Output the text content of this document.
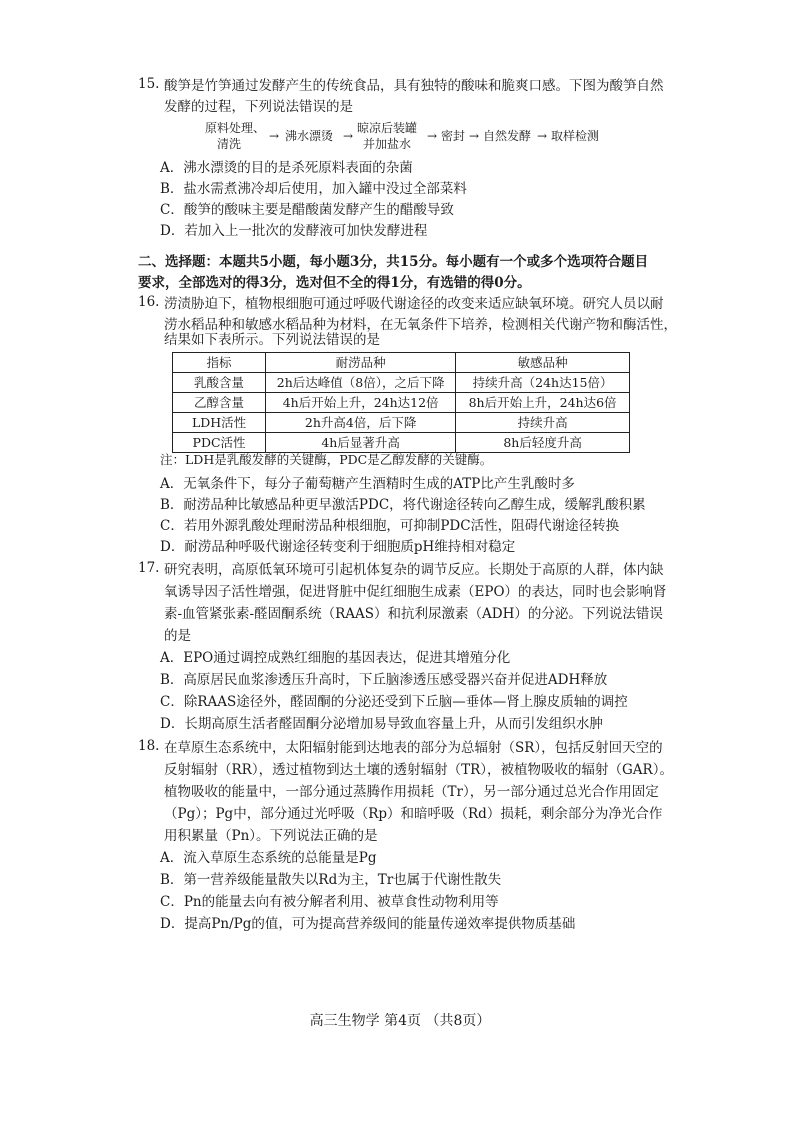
15. 酸笋是竹笋通过发酵产生的传统食品，具有独特的酸味和脆爽口感。下图为酸笋自然
发酵的过程，下列说法错误的是
原料处理、
清洗
→ 沸水漂烫 →
晾凉后装罐
并加盐水
→ 密封 → 自然发酵 → 取样检测
A．沸水漂烫的目的是杀死原料表面的杂菌
B．盐水需煮沸冷却后使用，加入罐中没过全部菜料
C．酸笋的酸味主要是醋酸菌发酵产生的醋酸导致
D．若加入上一批次的发酵液可加快发酵进程
二、选择题：本题共5小题，每小题3分，共15分。每小题有一个或多个选项符合题目
要求，全部选对的得3分，选对但不全的得1分，有选错的得0分。
16. 涝渍胁迫下，植物根细胞可通过呼吸代谢途径的改变来适应缺氧环境。研究人员以耐
涝水稻品种和敏感水稻品种为材料，在无氧条件下培养，检测相关代谢产物和酶活性，
结果如下表所示。下列说法错误的是
指标	耐涝品种	敏感品种
乳酸含量	2h后达峰值（8倍），之后下降	持续升高（24h达15倍）
乙醇含量	4h后开始上升，24h达12倍	8h后开始上升，24h达6倍
LDH活性	2h升高4倍，后下降	持续升高
PDC活性	4h后显著升高	8h后轻度升高
注：LDH是乳酸发酵的关键酶，PDC是乙醇发酵的关键酶。
A．无氧条件下，每分子葡萄糖产生酒精时生成的ATP比产生乳酸时多
B．耐涝品种比敏感品种更早激活PDC，将代谢途径转向乙醇生成，缓解乳酸积累
C．若用外源乳酸处理耐涝品种根细胞，可抑制PDC活性，阻碍代谢途径转换
D．耐涝品种呼吸代谢途径转变利于细胞质pH维持相对稳定
17. 研究表明，高原低氧环境可引起机体复杂的调节反应。长期处于高原的人群，体内缺
氧诱导因子活性增强，促进肾脏中促红细胞生成素（EPO）的表达，同时也会影响肾
素-血管紧张素-醛固酮系统（RAAS）和抗利尿激素（ADH）的分泌。下列说法错误
的是
A．EPO通过调控成熟红细胞的基因表达，促进其增殖分化
B．高原居民血浆渗透压升高时，下丘脑渗透压感受器兴奋并促进ADH释放
C．除RAAS途径外，醛固酮的分泌还受到下丘脑—垂体—肾上腺皮质轴的调控
D．长期高原生活者醛固酮分泌增加易导致血容量上升，从而引发组织水肿
18. 在草原生态系统中，太阳辐射能到达地表的部分为总辐射（SR），包括反射回天空的
反射辐射（RR），透过植物到达土壤的透射辐射（TR），被植物吸收的辐射（GAR）。
植物吸收的能量中，一部分通过蒸腾作用损耗（Tr），另一部分通过总光合作用固定
（Pg）；Pg中，部分通过光呼吸（Rp）和暗呼吸（Rd）损耗，剩余部分为净光合作
用积累量（Pn）。下列说法正确的是
A．流入草原生态系统的总能量是Pg
B．第一营养级能量散失以Rd为主，Tr也属于代谢性散失
C．Pn的能量去向有被分解者利用、被草食性动物利用等
D．提高Pn/Pg的值，可为提高营养级间的能量传递效率提供物质基础
高三生物学 第4页 （共8页）
